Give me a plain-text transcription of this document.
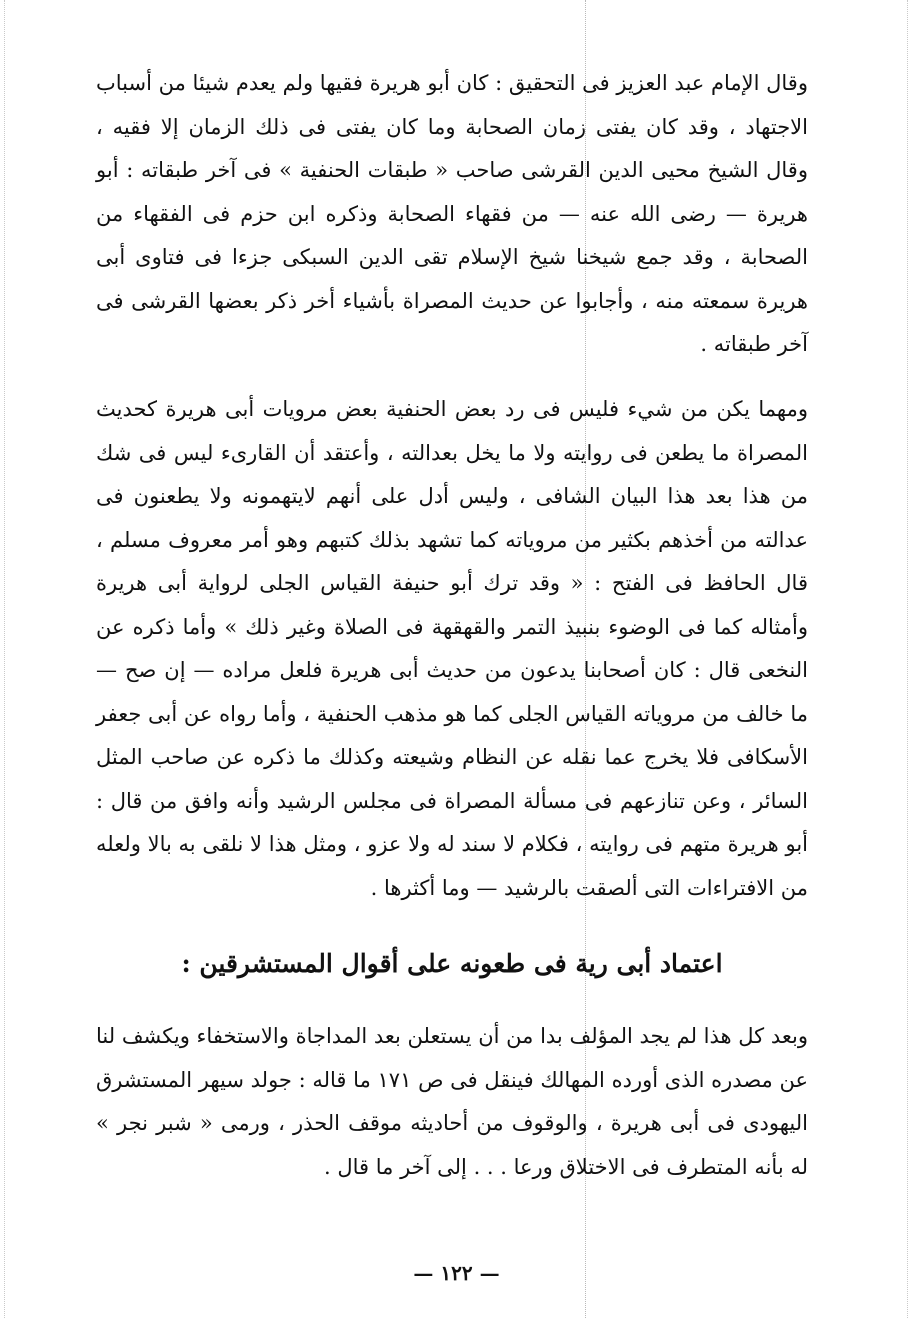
وقال الإمام عبد العزيز فى التحقيق : كان أبو هريرة فقيها ولم يعدم شيئا من أسباب الاجتهاد ، وقد كان يفتى زمان الصحابة وما كان يفتى فى ذلك الزمان إلا فقيه ، وقال الشيخ محيى الدين القرشى صاحب « طبقات الحنفية » فى آخر طبقاته : أبو هريرة — رضى الله عنه — من فقهاء الصحابة وذكره ابن حزم فى الفقهاء من الصحابة ، وقد جمع شيخنا شيخ الإسلام تقى الدين السبكى جزءا فى فتاوى أبى هريرة سمعته منه ، وأجابوا عن حديث المصراة بأشياء أخر ذكر بعضها القرشى فى آخر طبقاته .

ومهما يكن من شيء فليس فى رد بعض الحنفية بعض مرويات أبى هريرة كحديث المصراة ما يطعن فى روايته ولا ما يخل بعدالته ، وأعتقد أن القارىء ليس فى شك من هذا بعد هذا البيان الشافى ، وليس أدل على أنهم لايتهمونه ولا يطعنون فى عدالته من أخذهم بكثير من مروياته كما تشهد بذلك كتبهم وهو أمر معروف مسلم ، قال الحافظ فى الفتح : « وقد ترك أبو حنيفة القياس الجلى لرواية أبى هريرة وأمثاله كما فى الوضوء بنبيذ التمر والقهقهة فى الصلاة وغير ذلك » وأما ذكره عن النخعى قال : كان أصحابنا يدعون من حديث أبى هريرة فلعل مراده — إن صح — ما خالف من مروياته القياس الجلى كما هو مذهب الحنفية ، وأما رواه عن أبى جعفر الأسكافى فلا يخرج عما نقله عن النظام وشيعته وكذلك ما ذكره عن صاحب المثل السائر ، وعن تنازعهم فى مسألة المصراة فى مجلس الرشيد وأنه وافق من قال : أبو هريرة متهم فى روايته ، فكلام لا سند له ولا عزو ، ومثل هذا لا نلقى به بالا ولعله من الافتراءات التى ألصقت بالرشيد — وما أكثرها .

اعتماد أبى رية فى طعونه على أقوال المستشرقين :

وبعد كل هذا لم يجد المؤلف بدا من أن يستعلن بعد المداجاة والاستخفاء ويكشف لنا عن مصدره الذى أورده المهالك فينقل فى ص ١٧١ ما قاله : جولد سيهر المستشرق اليهودى فى أبى هريرة ، والوقوف من أحاديثه موقف الحذر ، ورمى « شبر نجر » له بأنه المتطرف فى الاختلاق ورعا . . . إلى آخر ما قال .

— ١٢٢ —
